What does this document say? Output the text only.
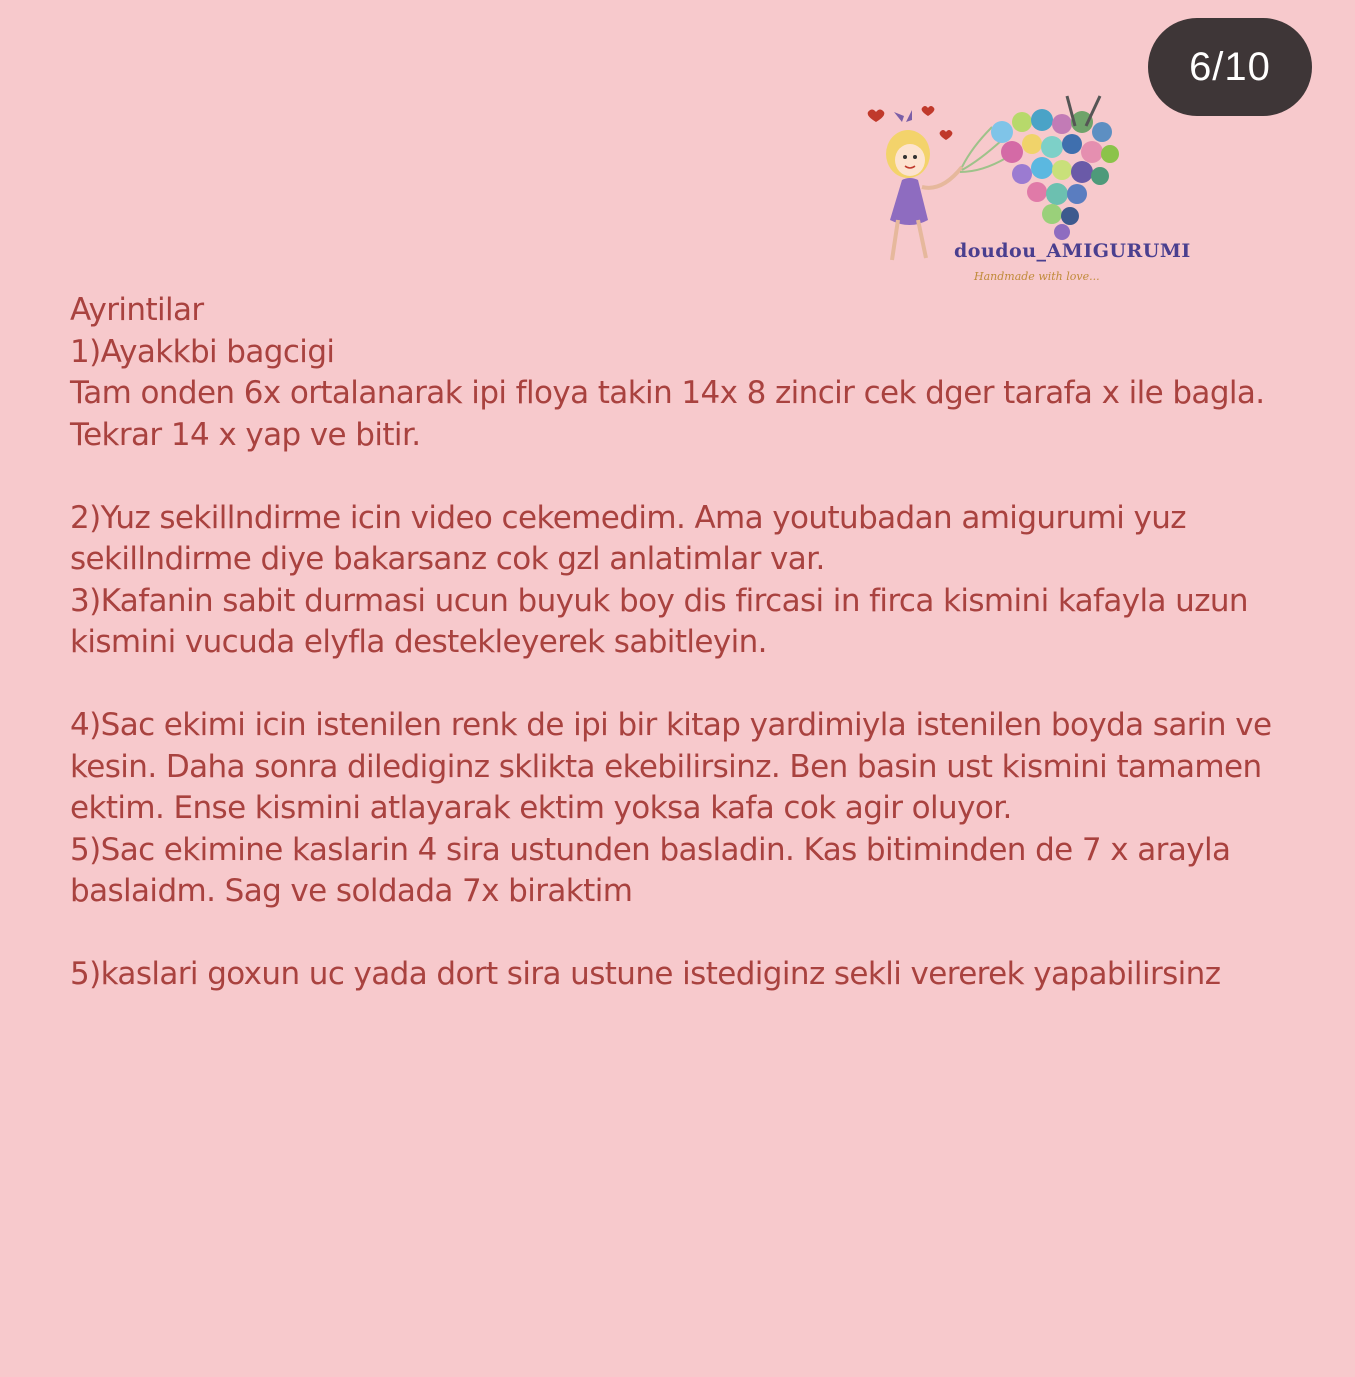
6/10
doudou_AMIGURUMI
Handmade with love...

Ayrintilar

1)Ayakkbi bagcigi

Tam onden 6x ortalanarak ipi floya takin 14x 8 zincir cek dger tarafa x ile bagla.

Tekrar 14 x yap ve bitir.

2)Yuz sekillndirme icin video cekemedim. Ama youtubadan amigurumi yuz

sekillndirme diye bakarsanz cok gzl anlatimlar var.

3)Kafanin sabit durmasi ucun buyuk boy dis fircasi in firca kismini kafayla uzun

kismini vucuda elyfla destekleyerek sabitleyin.

4)Sac ekimi icin istenilen renk de ipi bir kitap yardimiyla istenilen boyda sarin ve

kesin. Daha sonra dilediginz sklikta ekebilirsinz. Ben basin ust kismini tamamen

ektim. Ense kismini atlayarak ektim yoksa kafa cok agir oluyor.

5)Sac ekimine kaslarin 4 sira ustunden basladin. Kas bitiminden de 7 x arayla

baslaidm. Sag ve soldada 7x biraktim

5)kaslari goxun uc yada dort sira ustune istediginz sekli vererek yapabilirsinz
